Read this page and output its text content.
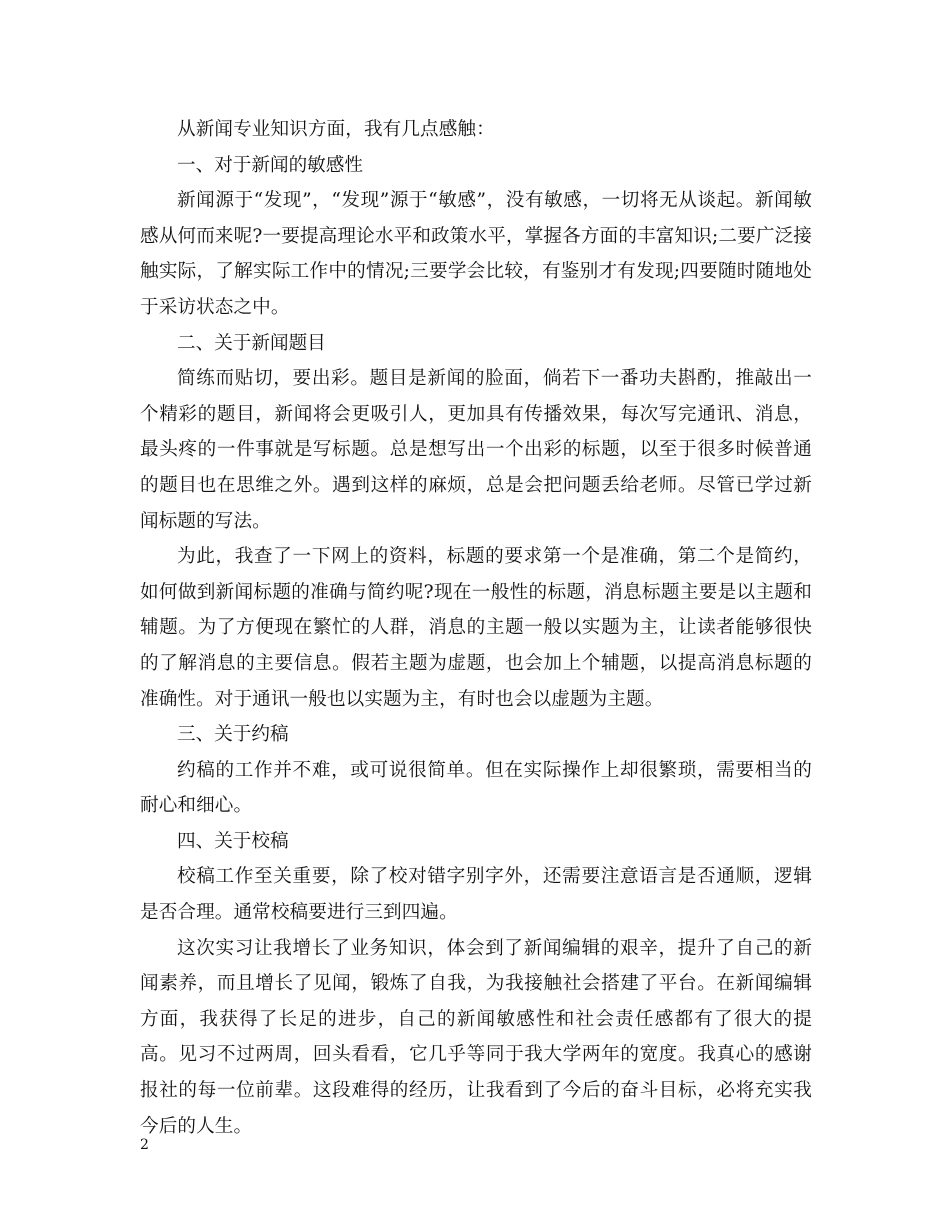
从新闻专业知识方面，我有几点感触：

一、对于新闻的敏感性

新闻源于“发现”，“发现”源于“敏感”，没有敏感，一切将无从谈起。新闻敏感从何而来呢?一要提高理论水平和政策水平，掌握各方面的丰富知识;二要广泛接触实际，了解实际工作中的情况;三要学会比较，有鉴别才有发现;四要随时随地处于采访状态之中。

二、关于新闻题目

简练而贴切，要出彩。题目是新闻的脸面，倘若下一番功夫斟酌，推敲出一个精彩的题目，新闻将会更吸引人，更加具有传播效果，每次写完通讯、消息，最头疼的一件事就是写标题。总是想写出一个出彩的标题，以至于很多时候普通的题目也在思维之外。遇到这样的麻烦，总是会把问题丢给老师。尽管已学过新闻标题的写法。

为此，我查了一下网上的资料，标题的要求第一个是准确，第二个是简约，如何做到新闻标题的准确与简约呢?现在一般性的标题，消息标题主要是以主题和辅题。为了方便现在繁忙的人群，消息的主题一般以实题为主，让读者能够很快的了解消息的主要信息。假若主题为虚题，也会加上个辅题，以提高消息标题的准确性。对于通讯一般也以实题为主，有时也会以虚题为主题。

三、关于约稿

约稿的工作并不难，或可说很简单。但在实际操作上却很繁琐，需要相当的耐心和细心。

四、关于校稿

校稿工作至关重要，除了校对错字别字外，还需要注意语言是否通顺，逻辑是否合理。通常校稿要进行三到四遍。

这次实习让我增长了业务知识，体会到了新闻编辑的艰辛，提升了自己的新闻素养，而且增长了见闻，锻炼了自我，为我接触社会搭建了平台。在新闻编辑方面，我获得了长足的进步，自己的新闻敏感性和社会责任感都有了很大的提高。见习不过两周，回头看看，它几乎等同于我大学两年的宽度。我真心的感谢报社的每一位前辈。这段难得的经历，让我看到了今后的奋斗目标，必将充实我今后的人生。

2
